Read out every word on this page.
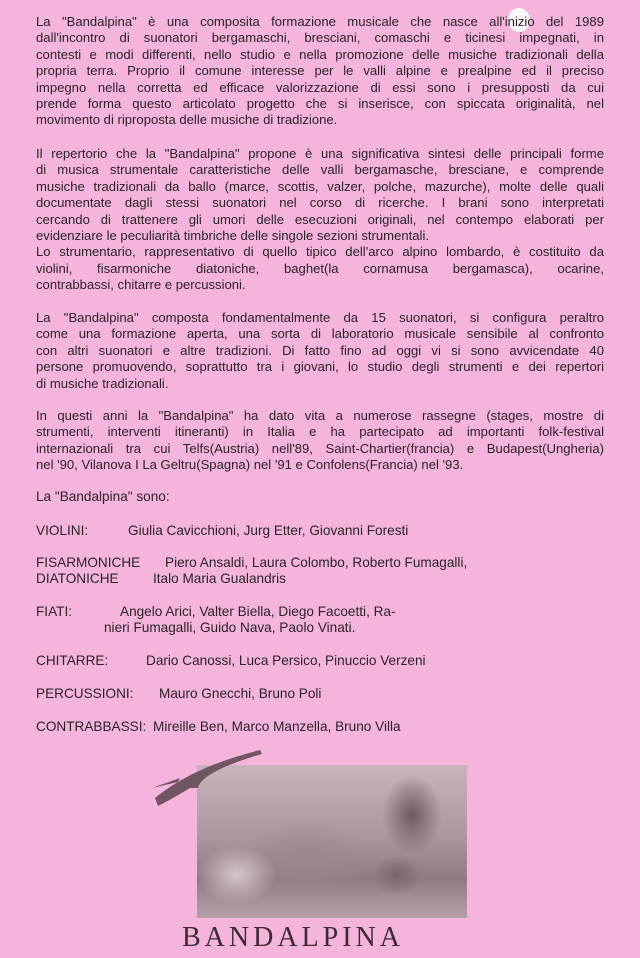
La "Bandalpina" è una composita formazione musicale che nasce all'inizio del 1989
dall'incontro di suonatori bergamaschi, bresciani, comaschi e ticinesi impegnati, in
contesti e modi differenti, nello studio e nella promozione delle musiche tradizionali della
propria terra. Proprio il comune interesse per le valli alpine e prealpine ed il preciso
impegno nella corretta ed efficace valorizzazione di essi sono i presupposti da cui
prende forma questo articolato progetto che si inserisce, con spiccata originalità, nel
movimento di riproposta delle musiche di tradizione.
Il repertorio che la "Bandalpina" propone è una significativa sintesi delle principali forme
di musica strumentale caratteristiche delle valli bergamasche, bresciane, e comprende
musiche tradizionali da ballo (marce, scottis, valzer, polche, mazurche), molte delle quali
documentate dagli stessi suonatori nel corso di ricerche. I brani sono interpretati
cercando di trattenere gli umori delle esecuzioni originali, nel contempo elaborati per
evidenziare le peculiarità timbriche delle singole sezioni strumentali.
Lo strumentario, rappresentativo di quello tipico dell'arco alpino lombardo, è costituito da
violini, fisarmoniche diatoniche, baghet(la cornamusa bergamasca), ocarine,
contrabbassi, chitarre e percussioni.
La "Bandalpina" composta fondamentalmente da 15 suonatori, si configura peraltro
come una formazione aperta, una sorta di laboratorio musicale sensibile al confronto
con altri suonatori e altre tradizioni. Di fatto fino ad oggi vi si sono avvicendate 40
persone promuovendo, soprattutto tra i giovani, lo studio degli strumenti e dei repertori
di musiche tradizionali.
In questi anni la "Bandalpina" ha dato vita a numerose rassegne (stages, mostre di
strumenti, interventi itineranti) in Italia e ha partecipato ad importanti folk-festival
internazionali tra cui Telfs(Austria) nell'89, Saint-Chartier(francia) e Budapest(Ungheria)
nel '90, Vilanova I La Geltru(Spagna) nel '91 e Confolens(Francia) nel '93.
La "Bandalpina" sono:
VIOLINI:	Giulia Cavicchioni, Jurg Etter, Giovanni Foresti
FISARMONICHE Piero Ansaldi, Laura Colombo, Roberto Fumagalli,
DIATONICHE	Italo Maria Gualandris
FIATI:	Angelo Arici, Valter Biella, Diego Facoetti, Ra-
nieri Fumagalli, Guido Nava, Paolo Vinati.
CHITARRE:	Dario Canossi, Luca Persico, Pinuccio Verzeni
PERCUSSIONI: Mauro Gnecchi, Bruno Poli
CONTRABBASSI: Mireille Ben, Marco Manzella, Bruno Villa
BANDALPINA
